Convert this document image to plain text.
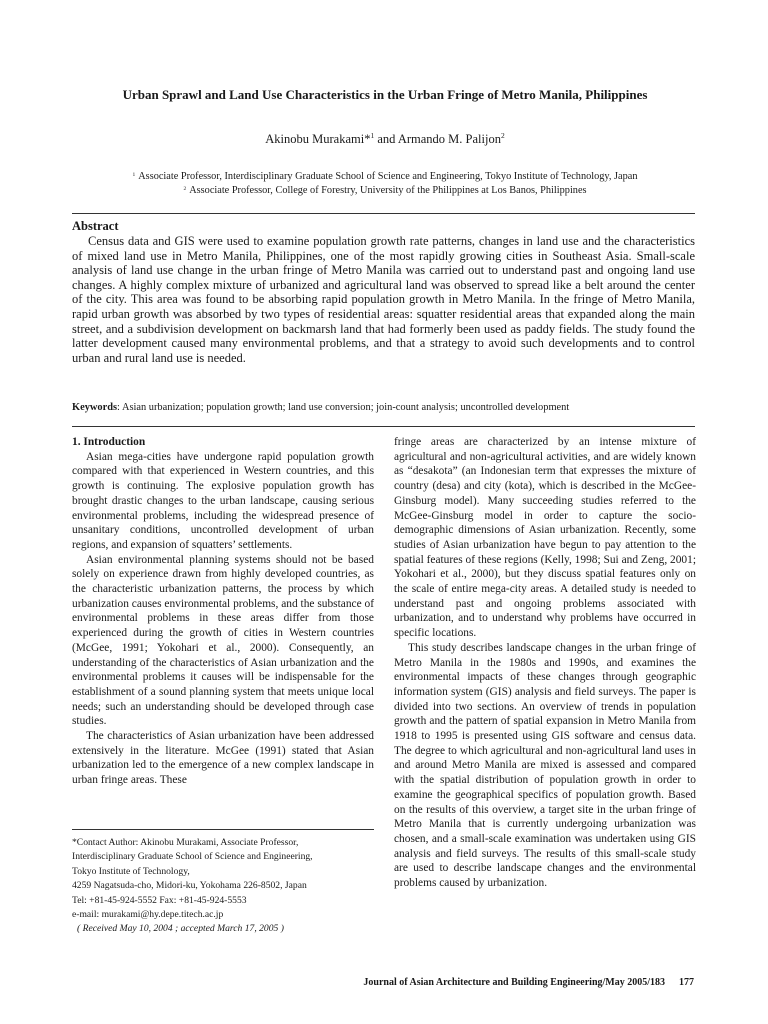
Urban Sprawl and Land Use Characteristics in the Urban Fringe of Metro Manila, Philippines
Akinobu Murakami*$^1$ and Armando M. Palijon$^2$
$^1$ Associate Professor, Interdisciplinary Graduate School of Science and Engineering, Tokyo Institute of Technology, Japan
$^2$ Associate Professor, College of Forestry, University of the Philippines at Los Banos, Philippines
Abstract

Census data and GIS were used to examine population growth rate patterns, changes in land use and the characteristics of mixed land use in Metro Manila, Philippines, one of the most rapidly growing cities in Southeast Asia. Small-scale analysis of land use change in the urban fringe of Metro Manila was carried out to understand past and ongoing land use changes. A highly complex mixture of urbanized and agricultural land was observed to spread like a belt around the center of the city. This area was found to be absorbing rapid population growth in Metro Manila. In the fringe of Metro Manila, rapid urban growth was absorbed by two types of residential areas: squatter residential areas that expanded along the main street, and a subdivision development on backmarsh land that had formerly been used as paddy fields. The study found the latter development caused many environmental problems, and that a strategy to avoid such developments and to control urban and rural land use is needed.

Keywords: Asian urbanization; population growth; land use conversion; join-count analysis; uncontrolled development
1. Introduction

Asian mega-cities have undergone rapid population growth compared with that experienced in Western countries, and this growth is continuing. The explosive population growth has brought drastic changes to the urban landscape, causing serious environmental problems, including the widespread presence of unsanitary conditions, uncontrolled development of urban regions, and expansion of squatters’ settlements.

Asian environmental planning systems should not be based solely on experience drawn from highly developed countries, as the characteristic urbanization patterns, the process by which urbanization causes environmental problems, and the substance of environmental problems in these areas differ from those experienced during the growth of cities in Western countries (McGee, 1991; Yokohari et al., 2000). Consequently, an understanding of the characteristics of Asian urbanization and the environmental problems it causes will be indispensable for the establishment of a sound planning system that meets unique local needs; such an understanding should be developed through case studies.

The characteristics of Asian urbanization have been addressed extensively in the literature. McGee (1991) stated that Asian urbanization led to the emergence of a new complex landscape in urban fringe areas. These

*Contact Author: Akinobu Murakami, Associate Professor,
Interdisciplinary Graduate School of Science and Engineering,
Tokyo Institute of Technology,
4259 Nagatsuda-cho, Midori-ku, Yokohama 226-8502, Japan
Tel: +81-45-924-5552 Fax: +81-45-924-5553
e-mail: murakami@hy.depe.titech.ac.jp
( Received May 10, 2004 ; accepted March 17, 2005 )

fringe areas are characterized by an intense mixture of agricultural and non-agricultural activities, and are widely known as “desakota” (an Indonesian term that expresses the mixture of country (desa) and city (kota), which is described in the McGee-Ginsburg model). Many succeeding studies referred to the McGee-Ginsburg model in order to capture the socio-demographic dimensions of Asian urbanization. Recently, some studies of Asian urbanization have begun to pay attention to the spatial features of these regions (Kelly, 1998; Sui and Zeng, 2001; Yokohari et al., 2000), but they discuss spatial features only on the scale of entire mega-city areas. A detailed study is needed to understand past and ongoing problems associated with urbanization, and to understand why problems have occurred in specific locations.

This study describes landscape changes in the urban fringe of Metro Manila in the 1980s and 1990s, and examines the environmental impacts of these changes through geographic information system (GIS) analysis and field surveys. The paper is divided into two sections. An overview of trends in population growth and the pattern of spatial expansion in Metro Manila from 1918 to 1995 is presented using GIS software and census data. The degree to which agricultural and non-agricultural land uses in and around Metro Manila are mixed is assessed and compared with the spatial distribution of population growth in order to examine the geographical specifics of population growth. Based on the results of this overview, a target site in the urban fringe of Metro Manila that is currently undergoing urbanization was chosen, and a small-scale examination was undertaken using GIS analysis and field surveys. The results of this small-scale study are used to describe landscape changes and the environmental problems caused by urbanization.

Journal of Asian Architecture and Building Engineering/May 2005/183 177
